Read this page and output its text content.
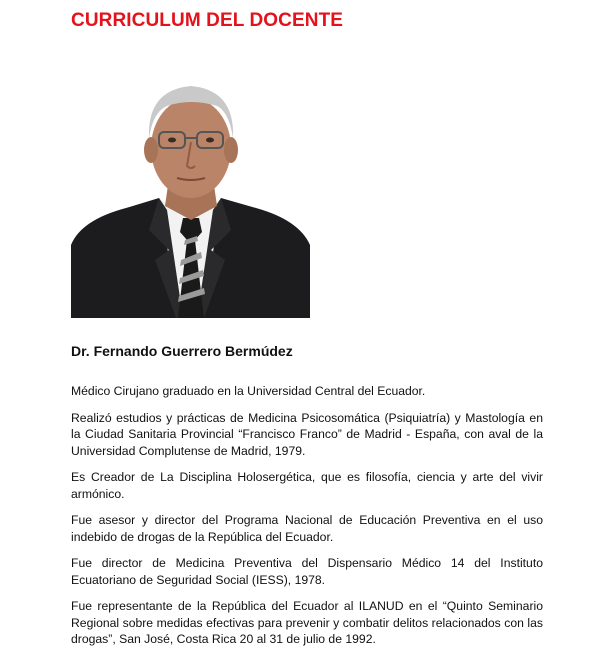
CURRICULUM DEL DOCENTE
Dr. Fernando Guerrero Bermúdez

Médico Cirujano graduado en la Universidad Central del Ecuador.

Realizó estudios y prácticas de Medicina Psicosomática (Psiquiatría) y Mastología en la Ciudad Sanitaria Provincial “Francisco Franco” de Madrid - España, con aval de la Universidad Complutense de Madrid, 1979.

Es Creador de La Disciplina Holosergética, que es filosofía, ciencia y arte del vivir armónico.

Fue asesor y director del Programa Nacional de Educación Preventiva en el uso indebido de drogas de la República del Ecuador.

Fue director de Medicina Preventiva del Dispensario Médico 14 del Instituto Ecuatoriano de Seguridad Social (IESS), 1978.

Fue representante de la República del Ecuador al ILANUD en el “Quinto Seminario Regional sobre medidas efectivas para prevenir y combatir delitos relacionados con las drogas”, San José, Costa Rica 20 al 31 de julio de 1992.
